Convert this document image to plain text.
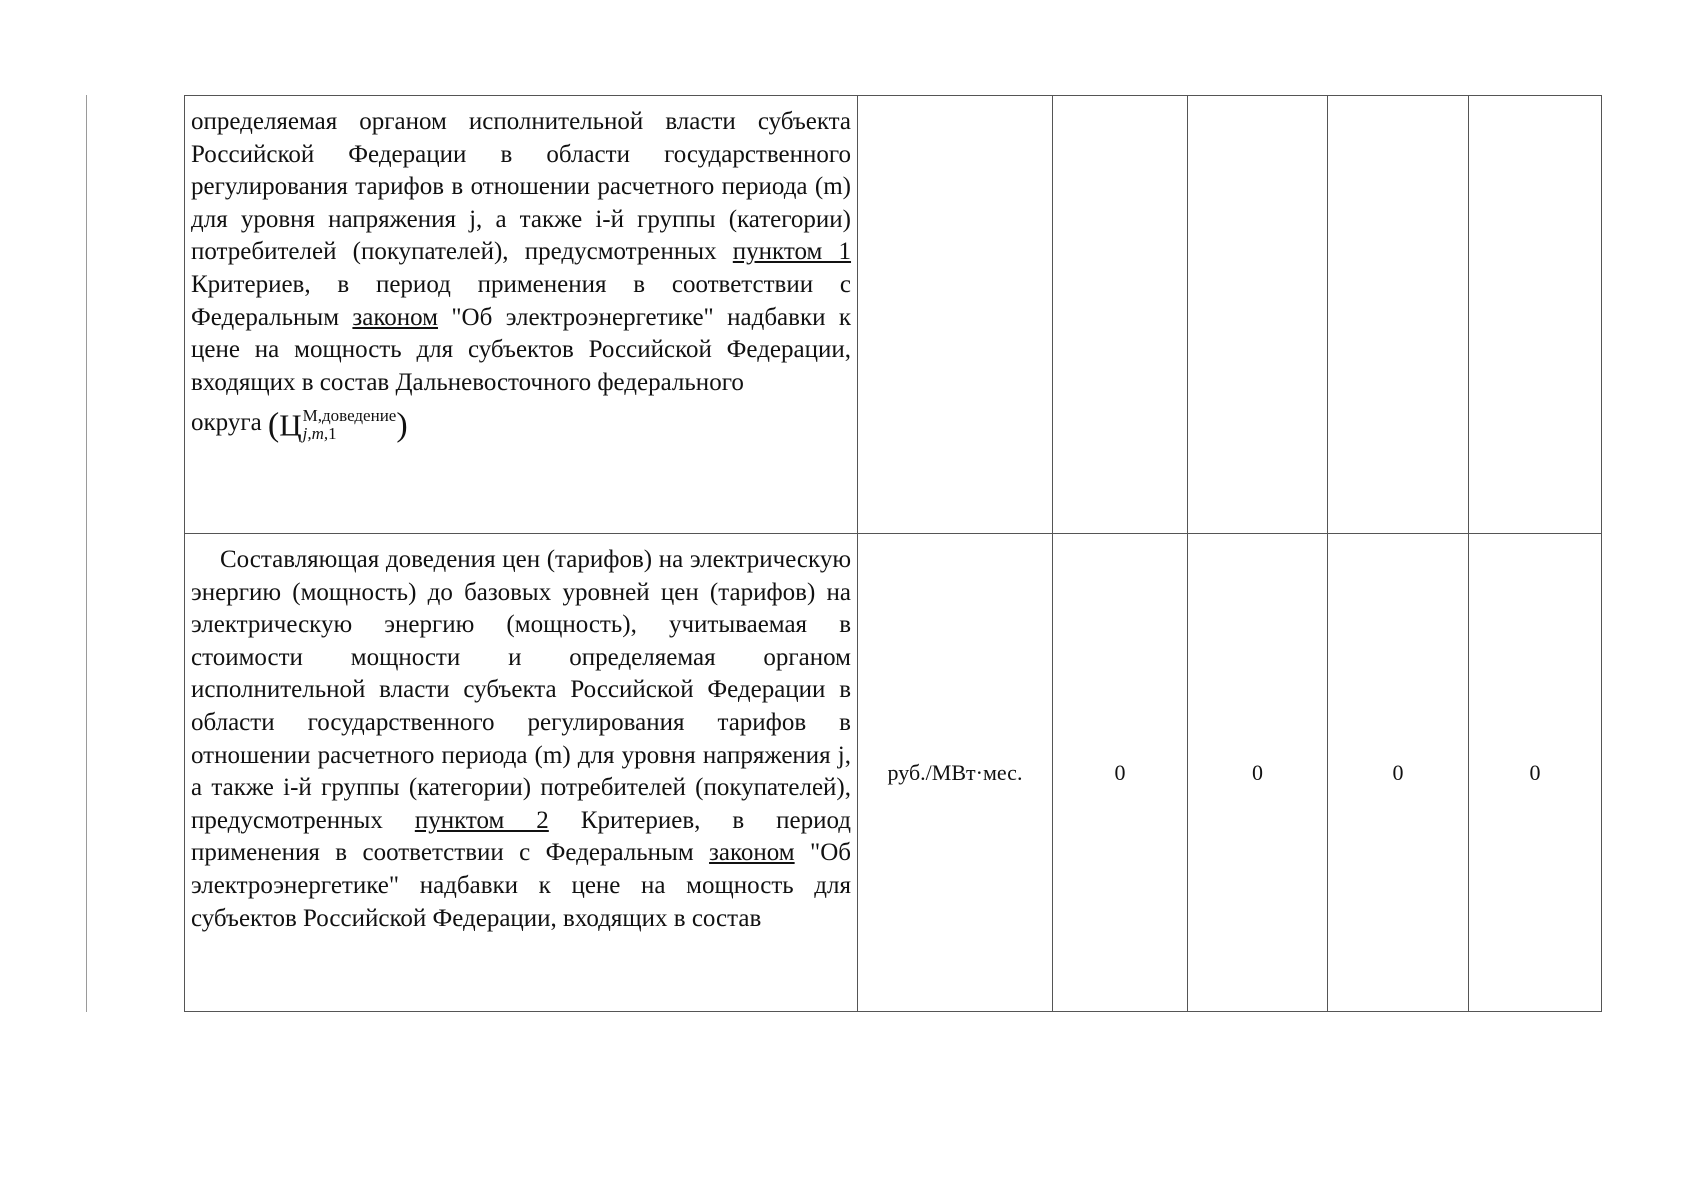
определяемая органом исполнительной власти субъекта Российской Федерации в области государственного регулирования тарифов в отношении расчетного периода (m) для уровня напряжения j, а также i-й группы (категории) потребителей (покупателей), предусмотренных пунктом 1 Критериев, в период применения в соответствии с Федеральным законом "Об электроэнергетике" надбавки к цене на мощность для субъектов Российской Федерации, входящих в состав Дальневосточного федерального
округа (Ц М,доведение
j,m,1 )					

Составляющая доведения цен (тарифов) на электрическую энергию (мощность) до базовых уровней цен (тарифов) на электрическую энергию (мощность), учитываемая в стоимости мощности и определяемая органом исполнительной власти субъекта Российской Федерации в области государственного регулирования тарифов в отношении расчетного периода (m) для уровня напряжения j, а также i-й группы (категории) потребителей (покупателей), предусмотренных пунктом 2 Критериев, в период применения в соответствии с Федеральным законом "Об электроэнергетике" надбавки к цене на мощность для субъектов Российской Федерации, входящих в состав	руб./МВт·мес.	0	0	0	0
